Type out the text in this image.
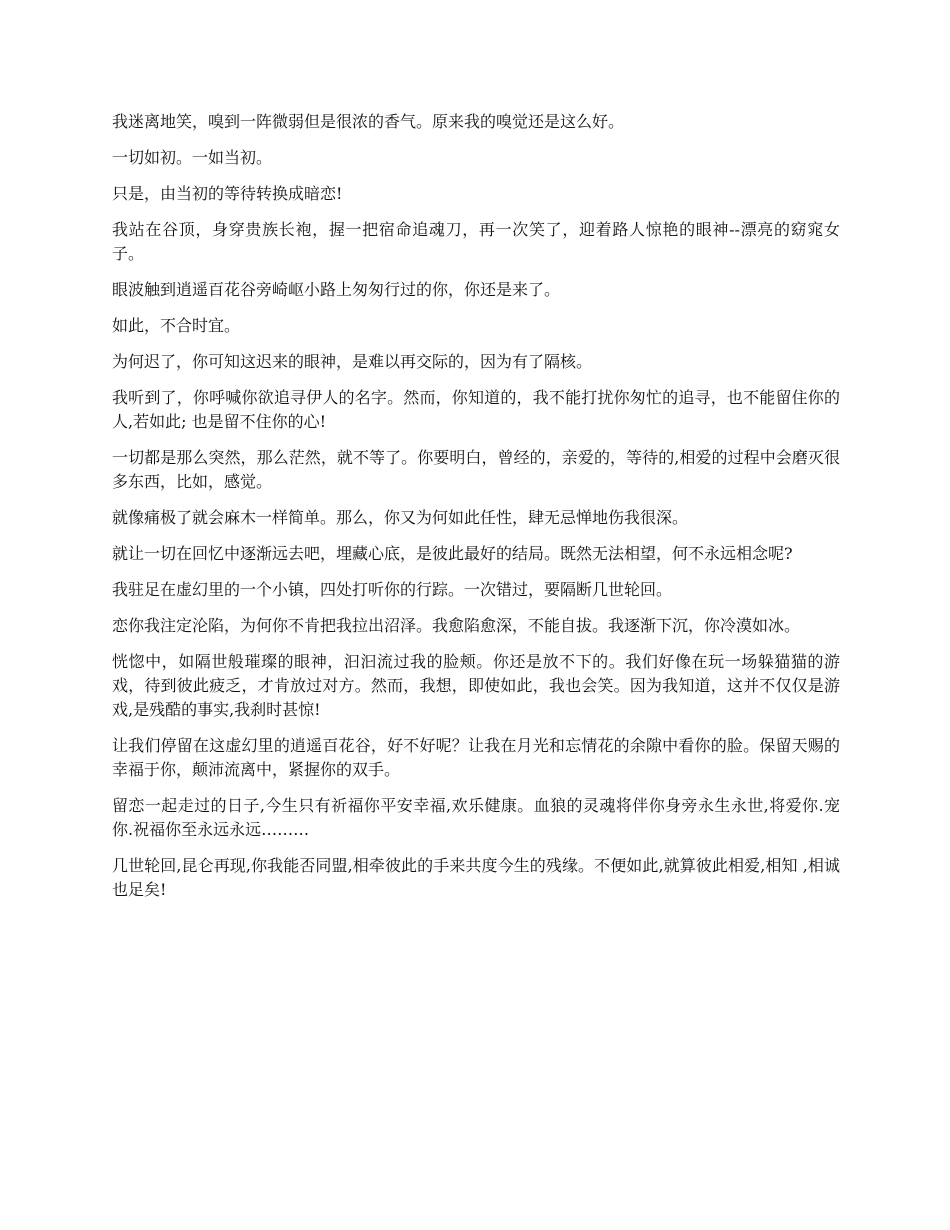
我迷离地笑，嗅到一阵微弱但是很浓的香气。原来我的嗅觉还是这么好。

一切如初。一如当初。

只是，由当初的等待转换成暗恋!

我站在谷顶，身穿贵族长袍，握一把宿命追魂刀，再一次笑了，迎着路人惊艳的眼神--漂亮的窈窕女子。

眼波触到逍遥百花谷旁崎岖小路上匆匆行过的你，你还是来了。

如此，不合时宜。

为何迟了，你可知这迟来的眼神，是难以再交际的，因为有了隔核。

我听到了，你呼喊你欲追寻伊人的名字。然而，你知道的，我不能打扰你匆忙的追寻，也不能留住你的人,若如此; 也是留不住你的心!

一切都是那么突然，那么茫然，就不等了。你要明白，曾经的，亲爱的，等待的,相爱的过程中会磨灭很多东西，比如，感觉。

就像痛极了就会麻木一样简单。那么，你又为何如此任性，肆无忌惮地伤我很深。

就让一切在回忆中逐渐远去吧，埋藏心底，是彼此最好的结局。既然无法相望，何不永远相念呢?

我驻足在虚幻里的一个小镇，四处打听你的行踪。一次错过，要隔断几世轮回。

恋你我注定沦陷，为何你不肯把我拉出沼泽。我愈陷愈深，不能自拔。我逐渐下沉，你冷漠如冰。

恍惚中，如隔世般璀璨的眼神，汩汩流过我的脸颊。你还是放不下的。我们好像在玩一场躲猫猫的游戏，待到彼此疲乏，才肯放过对方。然而，我想，即使如此，我也会笑。因为我知道，这并不仅仅是游戏,是残酷的事实,我刹时甚惊!

让我们停留在这虚幻里的逍遥百花谷，好不好呢？让我在月光和忘情花的余隙中看你的脸。保留天赐的幸福于你，颠沛流离中，紧握你的双手。

留恋一起走过的日子,今生只有祈福你平安幸福,欢乐健康。血狼的灵魂将伴你身旁永生永世,将爱你.宠你.祝福你至永远永远………

几世轮回,昆仑再现,你我能否同盟,相牵彼此的手来共度今生的残缘。不便如此,就算彼此相爱,相知 ,相诚也足矣!
